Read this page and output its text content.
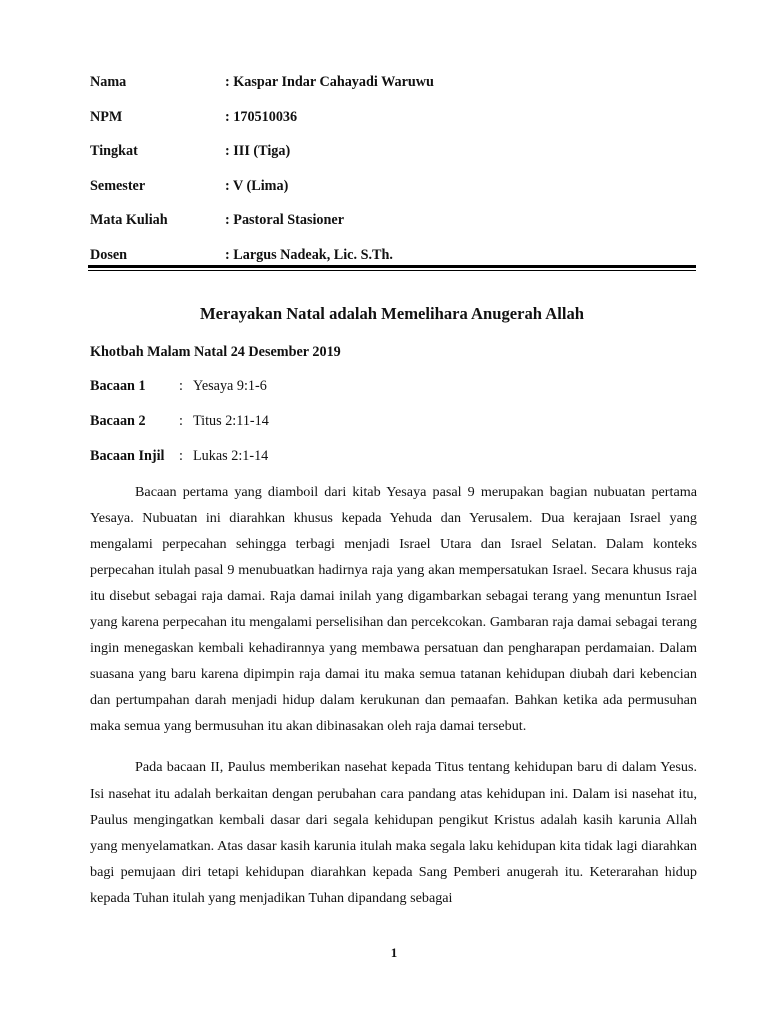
Nama	: Kaspar Indar Cahayadi Waruwu
NPM	: 170510036
Tingkat	: III (Tiga)
Semester	: V (Lima)
Mata Kuliah	: Pastoral Stasioner
Dosen	: Largus Nadeak, Lic. S.Th.
Merayakan Natal adalah Memelihara Anugerah Allah
Khotbah Malam Natal 24 Desember 2019
Bacaan 1 : Yesaya 9:1-6
Bacaan 2 : Titus 2:11-14
Bacaan Injil : Lukas 2:1-14

Bacaan pertama yang diamboil dari kitab Yesaya pasal 9 merupakan bagian nubuatan pertama Yesaya. Nubuatan ini diarahkan khusus kepada Yehuda dan Yerusalem. Dua kerajaan Israel yang mengalami perpecahan sehingga terbagi menjadi Israel Utara dan Israel Selatan. Dalam konteks perpecahan itulah pasal 9 menubuatkan hadirnya raja yang akan mempersatukan Israel. Secara khusus raja itu disebut sebagai raja damai. Raja damai inilah yang digambarkan sebagai terang yang menuntun Israel yang karena perpecahan itu mengalami perselisihan dan percekcokan. Gambaran raja damai sebagai terang ingin menegaskan kembali kehadirannya yang membawa persatuan dan pengharapan perdamaian. Dalam suasana yang baru karena dipimpin raja damai itu maka semua tatanan kehidupan diubah dari kebencian dan pertumpahan darah menjadi hidup dalam kerukunan dan pemaafan. Bahkan ketika ada permusuhan maka semua yang bermusuhan itu akan dibinasakan oleh raja damai tersebut.

Pada bacaan II, Paulus memberikan nasehat kepada Titus tentang kehidupan baru di dalam Yesus. Isi nasehat itu adalah berkaitan dengan perubahan cara pandang atas kehidupan ini. Dalam isi nasehat itu, Paulus mengingatkan kembali dasar dari segala kehidupan pengikut Kristus adalah kasih karunia Allah yang menyelamatkan. Atas dasar kasih karunia itulah maka segala laku kehidupan kita tidak lagi diarahkan bagi pemujaan diri tetapi kehidupan diarahkan kepada Sang Pemberi anugerah itu. Keterarahan hidup kepada Tuhan itulah yang menjadikan Tuhan dipandang sebagai

1
